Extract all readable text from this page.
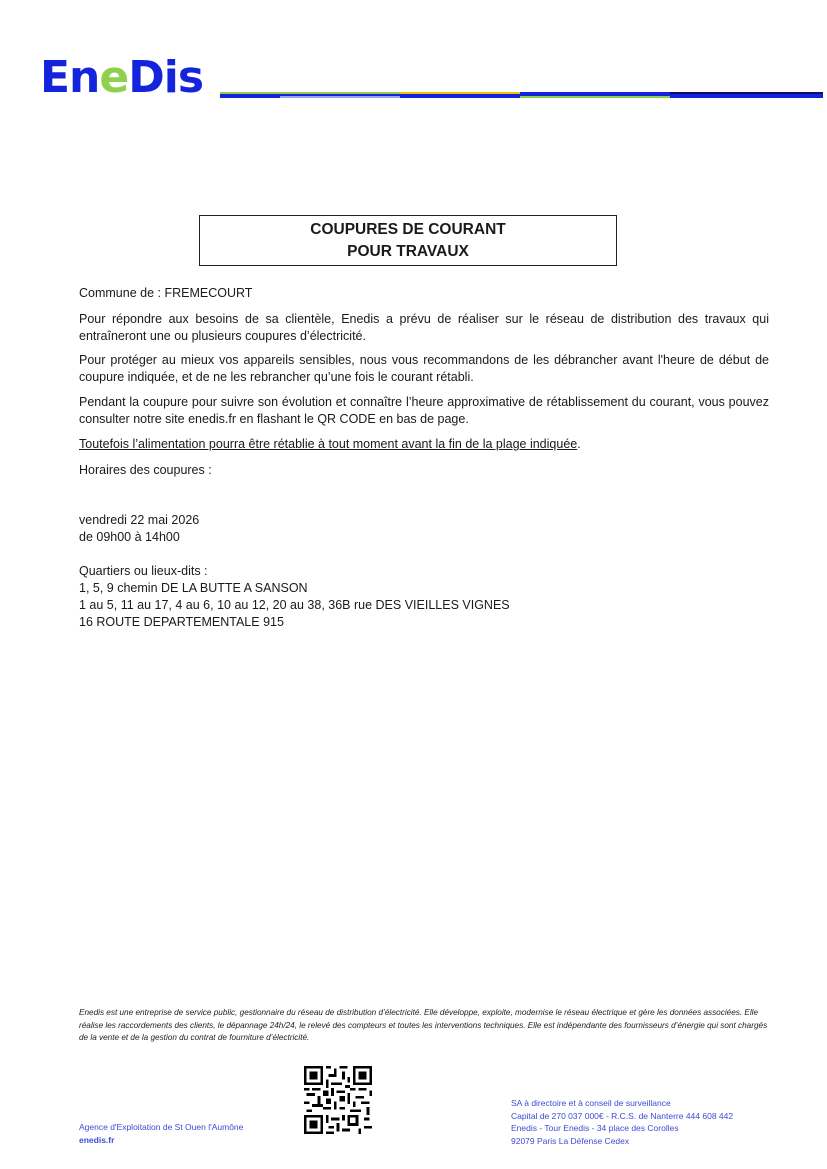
EneDis
COUPURES DE COURANT
POUR TRAVAUX
Commune de : FREMECOURT
Pour répondre aux besoins de sa clientèle, Enedis a prévu de réaliser sur le réseau de distribution des travaux qui entraîneront une ou plusieurs coupures d’électricité.
Pour protéger au mieux vos appareils sensibles, nous vous recommandons de les débrancher avant l'heure de début de coupure indiquée, et de ne les rebrancher qu’une fois le courant rétabli.
Pendant la coupure pour suivre son évolution et connaître l’heure approximative de rétablissement du courant, vous pouvez consulter notre site enedis.fr en flashant le QR CODE en bas de page.
Toutefois l’alimentation pourra être rétablie à tout moment avant la fin de la plage indiquée.
Horaires des coupures :
vendredi 22 mai 2026
de 09h00 à 14h00
Quartiers ou lieux-dits :
1, 5, 9 chemin DE LA BUTTE A SANSON
1 au 5, 11 au 17, 4 au 6, 10 au 12, 20 au 38, 36B rue DES VIEILLES VIGNES
16 ROUTE DEPARTEMENTALE 915
Enedis est une entreprise de service public, gestionnaire du réseau de distribution d’électricité. Elle développe, exploite, modernise le réseau électrique et gère les données associées. Elle réalise les raccordements des clients, le dépannage 24h/24, le relevé des compteurs et toutes les interventions techniques. Elle est indépendante des fournisseurs d’énergie qui sont chargés de la vente et de la gestion du contrat de fourniture d’électricité.
Agence d'Exploitation de St Ouen l'Aumône
enedis.fr
SA à directoire et à conseil de surveillance
Capital de 270 037 000€ - R.C.S. de Nanterre 444 608 442
Enedis - Tour Enedis - 34 place des Corolles
92079 Paris La Défense Cedex
